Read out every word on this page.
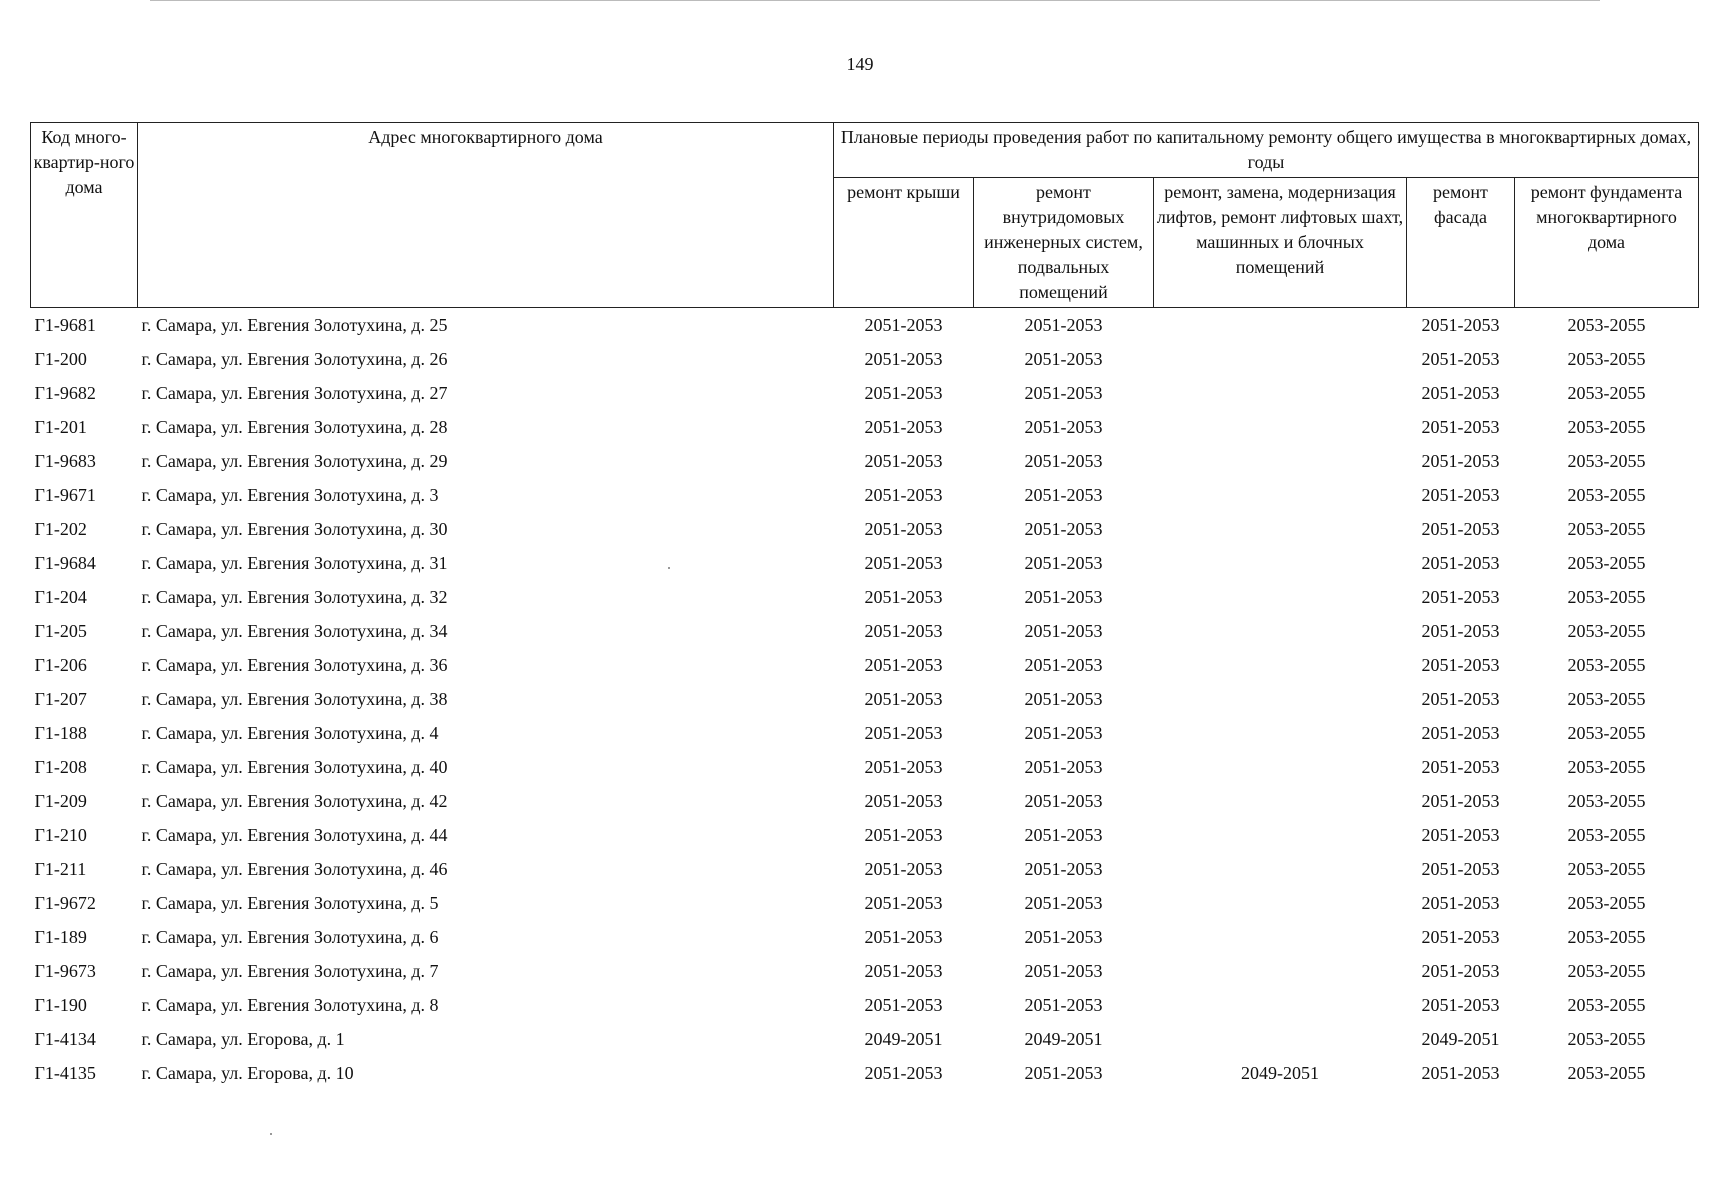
149
Код много-квартир-ного дома	Адрес многоквартирного дома	Плановые периоды проведения работ по капитальному ремонту общего имущества в многоквартирных домах, годы				
		ремонт крыши	ремонт внутридомовых инженерных систем, подвальных помещений	ремонт, замена, модернизация лифтов, ремонт лифтовых шахт, машинных и блочных помещений	ремонт фасада	ремонт фундамента многоквартирного дома
Г1-9681	г. Самара, ул. Евгения Золотухина, д. 25	2051-2053	2051-2053		2051-2053	2053-2055
Г1-200	г. Самара, ул. Евгения Золотухина, д. 26	2051-2053	2051-2053		2051-2053	2053-2055
Г1-9682	г. Самара, ул. Евгения Золотухина, д. 27	2051-2053	2051-2053		2051-2053	2053-2055
Г1-201	г. Самара, ул. Евгения Золотухина, д. 28	2051-2053	2051-2053		2051-2053	2053-2055
Г1-9683	г. Самара, ул. Евгения Золотухина, д. 29	2051-2053	2051-2053		2051-2053	2053-2055
Г1-9671	г. Самара, ул. Евгения Золотухина, д. 3	2051-2053	2051-2053		2051-2053	2053-2055
Г1-202	г. Самара, ул. Евгения Золотухина, д. 30	2051-2053	2051-2053		2051-2053	2053-2055
Г1-9684	г. Самара, ул. Евгения Золотухина, д. 31	2051-2053	2051-2053		2051-2053	2053-2055
Г1-204	г. Самара, ул. Евгения Золотухина, д. 32	2051-2053	2051-2053		2051-2053	2053-2055
Г1-205	г. Самара, ул. Евгения Золотухина, д. 34	2051-2053	2051-2053		2051-2053	2053-2055
Г1-206	г. Самара, ул. Евгения Золотухина, д. 36	2051-2053	2051-2053		2051-2053	2053-2055
Г1-207	г. Самара, ул. Евгения Золотухина, д. 38	2051-2053	2051-2053		2051-2053	2053-2055
Г1-188	г. Самара, ул. Евгения Золотухина, д. 4	2051-2053	2051-2053		2051-2053	2053-2055
Г1-208	г. Самара, ул. Евгения Золотухина, д. 40	2051-2053	2051-2053		2051-2053	2053-2055
Г1-209	г. Самара, ул. Евгения Золотухина, д. 42	2051-2053	2051-2053		2051-2053	2053-2055
Г1-210	г. Самара, ул. Евгения Золотухина, д. 44	2051-2053	2051-2053		2051-2053	2053-2055
Г1-211	г. Самара, ул. Евгения Золотухина, д. 46	2051-2053	2051-2053		2051-2053	2053-2055
Г1-9672	г. Самара, ул. Евгения Золотухина, д. 5	2051-2053	2051-2053		2051-2053	2053-2055
Г1-189	г. Самара, ул. Евгения Золотухина, д. 6	2051-2053	2051-2053		2051-2053	2053-2055
Г1-9673	г. Самара, ул. Евгения Золотухина, д. 7	2051-2053	2051-2053		2051-2053	2053-2055
Г1-190	г. Самара, ул. Евгения Золотухина, д. 8	2051-2053	2051-2053		2051-2053	2053-2055
Г1-4134	г. Самара, ул. Егорова, д. 1	2049-2051	2049-2051		2049-2051	2053-2055
Г1-4135	г. Самара, ул. Егорова, д. 10	2051-2053	2051-2053	2049-2051	2051-2053	2053-2055
